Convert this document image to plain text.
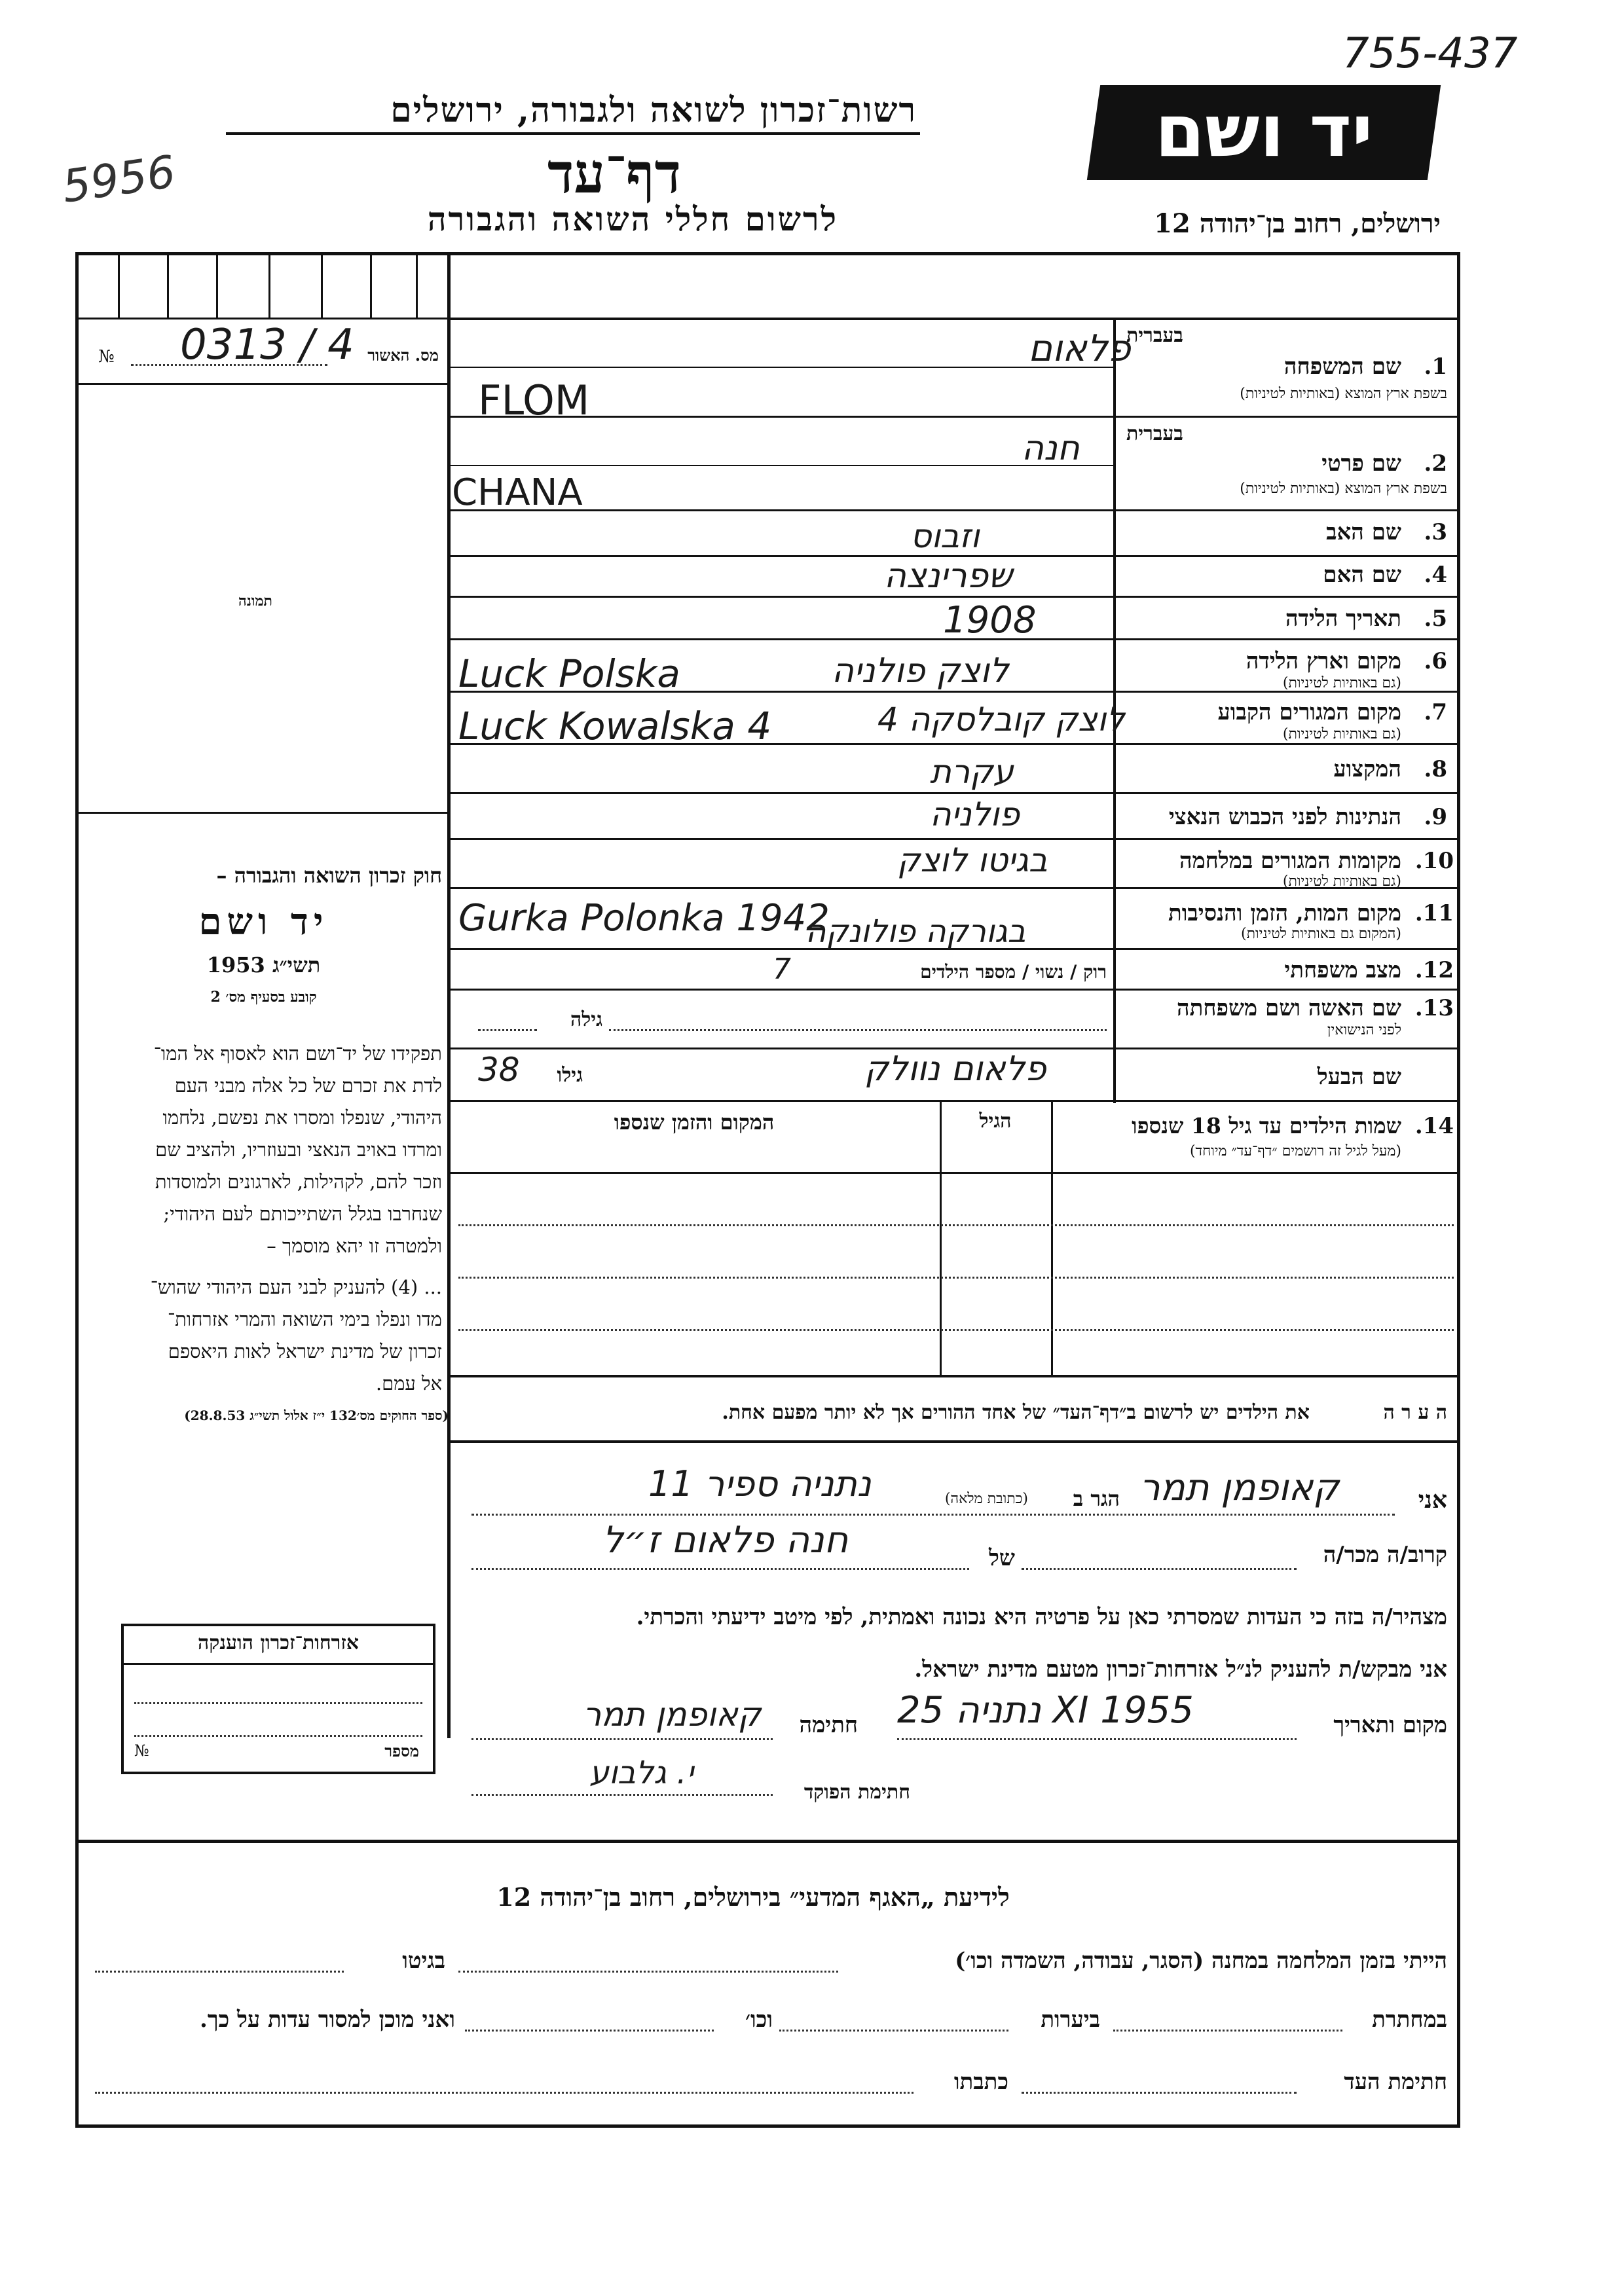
755-437
5956
רשות־זכרון לשואה ולגבורה, ירושלים
דף־עד
לרשום חללי השואה והגבורה
יד ושם
ירושלים, רחוב בן־יהודה 12
№ 0313 / 4 מס. האשור
תמונה
חוק זכרון השואה והגבורה –
יד ושם
תשי״ג 1953
קובע בסעיף מס׳ 2
תפקידו של יד־ושם הוא לאסוף אל המו־
לדת את זכרם של כל אלה מבני העם
היהודי, שנפלו ומסרו את נפשם, נלחמו
ומרדו באויב הנאצי ובעוזריו, ולהציב שם
וזכר להם, לקהילות, לארגונים ולמוסדות
שנחרבו בגלל השתייכותם לעם היהודי;
ולמטרה זו יהא מוסמך –
... (4) להעניק לבני העם היהודי שהוש־
מדו ונפלו בימי השואה והמרי אזרחות־
זכרון של מדינת ישראל לאות היאספם
אל עמם.
(ספר החוקים מס׳132 י״ז אלול תשי״ג 28.8.53)
בעברית
שם המשפחה	1.
בשפת ארץ המוצא (באותיות לטיניות)
פלאום
FLOM
בעברית
שם פרטי	2.
בשפת ארץ המוצא (באותיות לטיניות)
חנה
CHANA
שם האב	3.
וזבוס
שם האם	4.
שפרינצה
תאריך הלידה	5.
1908
מקום וארץ הלידה	6.
(גם באותיות לטיניות)
Luck Polska	לוצק פולניה
מקום המגורים הקבוע	7.
(גם באותיות לטיניות)
Luck Kowalska 4	לוצק קובלסקה 4
המקצוע	8.
עקרת
הנתינות לפני הכבוש הנאצי	9.
פולניה
מקומות המגורים במלחמה 10.
(גם באותיות לטיניות)
בגיטו לוצק
מקום המות, הזמן והנסיבות 11.
(המקום גם באותיות לטיניות)
Gurka Polonka 1942
בגורקה פולונקה
מצב משפחתי 12.
רוק / נשוי / מספר הילדים
7
שם האשה ושם משפחתה 13.
לפני הנישואין
גילה
שם הבעל
גילו
38	פלאום נוולק
שמות הילדים עד גיל 18 שנספו 14.
(מעל לגיל זה רושמים ״דף־עד״ מיוחד)
הגיל
המקום והזמן שנספו
את הילדים יש לרשום ב״דף־העד״ של אחד ההורים אך לא יותר מפעם אחת.	ה ע ר ה
אני
קאופמן תמר
הגר ב
(כתובת מלאה)
נתניה ספיר 11
קרוב/ה מכר/ה
של
חנה פלאום ז״ל
מצהיר/ה בזה כי העדות שמסרתי כאן על פרטיה היא נכונה ואמתית, לפי מיטב ידיעתי והכרתי.
אני מבקש/ת להעניק לנ״ל אזרחות־זכרון מטעם מדינת ישראל.
מקום ותאריך
נתניה 25 XI 1955
חתימה
קאופמן תמר
י. גלבוע
חתימת הפוקד
אזרחות־זכרון הוענקה
מספר
№
לידיעת „האגף המדעי״ בירושלים, רחוב בן־יהודה 12
הייתי בזמן המלחמה במחנה (הסגר, עבודה, השמדה וכו׳)
בגיטו
במחתרת
ביערות
וכו׳
ואני מוכן למסור עדות על כך.
חתימת העד
כתבתו
